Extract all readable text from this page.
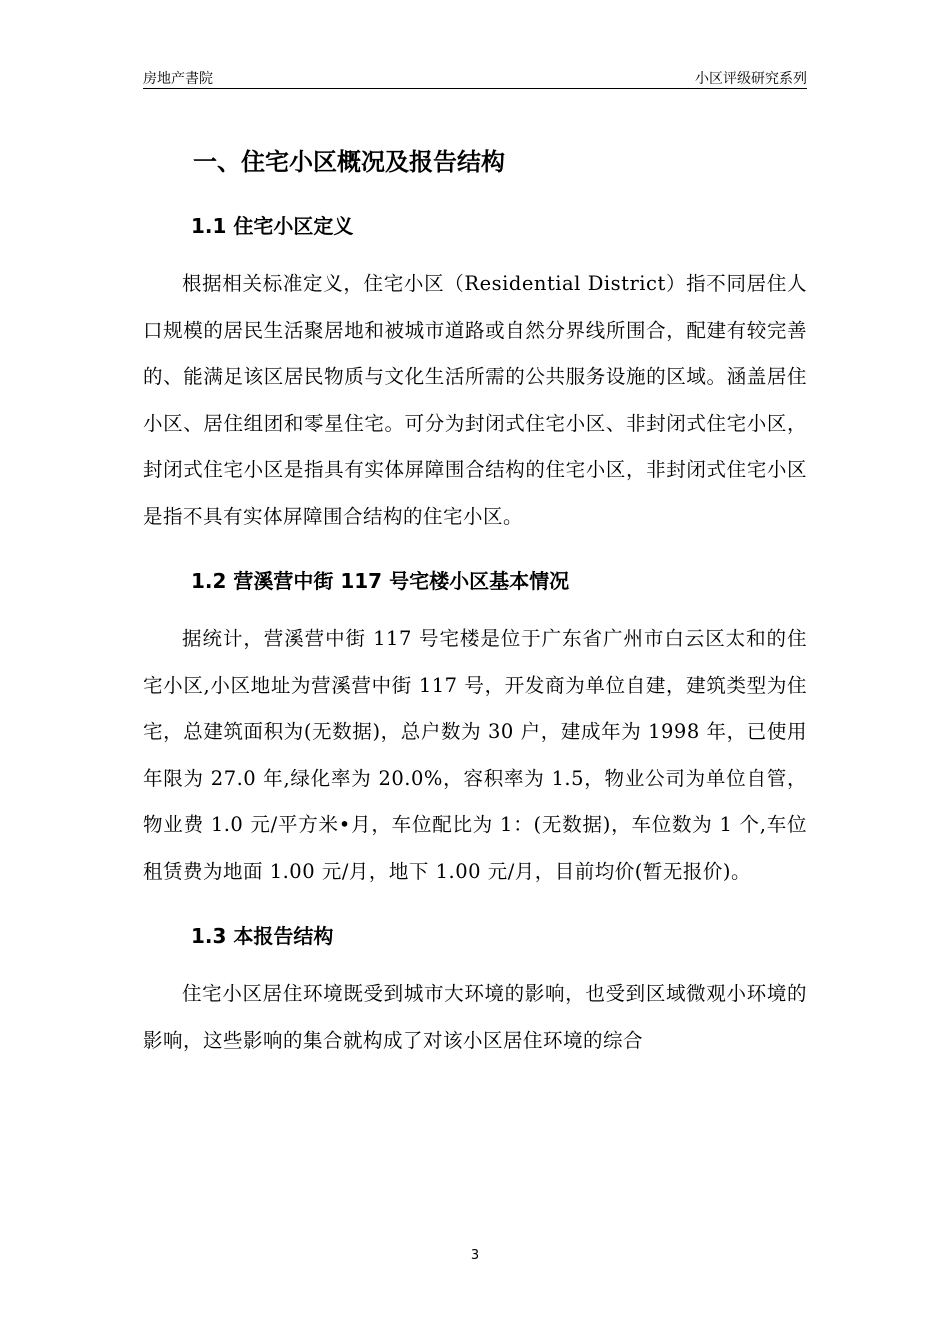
房地产書院	小区评级研究系列
一、住宅小区概况及报告结构
1.1 住宅小区定义

根据相关标准定义，住宅小区（Residential District）指不同居住人口规模的居民生活聚居地和被城市道路或自然分界线所围合，配建有较完善的、能满足该区居民物质与文化生活所需的公共服务设施的区域。涵盖居住小区、居住组团和零星住宅。可分为封闭式住宅小区、非封闭式住宅小区，封闭式住宅小区是指具有实体屏障围合结构的住宅小区，非封闭式住宅小区是指不具有实体屏障围合结构的住宅小区。

1.2 营溪营中街 117 号宅楼小区基本情况

据统计，营溪营中街 117 号宅楼是位于广东省广州市白云区太和的住宅小区,小区地址为营溪营中街 117 号，开发商为单位自建，建筑类型为住宅，总建筑面积为(无数据)，总户数为 30 户，建成年为 1998 年，已使用年限为 27.0 年,绿化率为 20.0%，容积率为 1.5，物业公司为单位自管，物业费 1.0 元/平方米•月，车位配比为 1：(无数据)，车位数为 1 个,车位租赁费为地面 1.00 元/月，地下 1.00 元/月，目前均价(暂无报价)。

1.3 本报告结构

住宅小区居住环境既受到城市大环境的影响，也受到区域微观小环境的影响，这些影响的集合就构成了对该小区居住环境的综合

3
